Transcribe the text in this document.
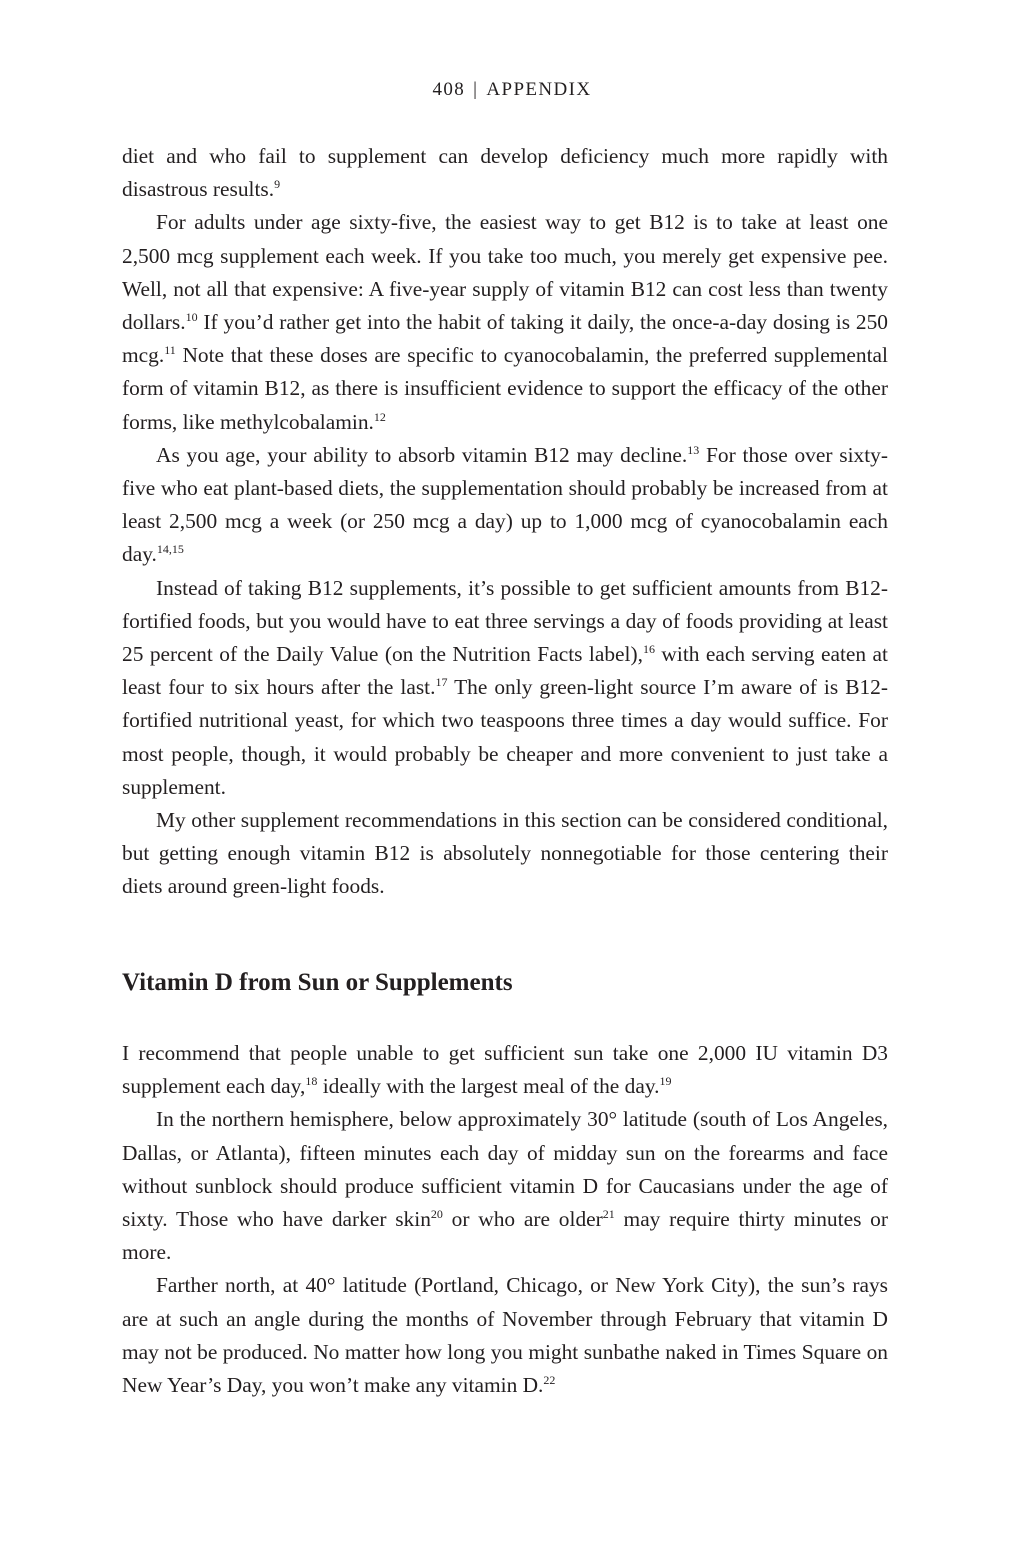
408 | APPENDIX

diet and who fail to supplement can develop deficiency much more rapidly with disastrous results.$^9$

For adults under age sixty-five, the easiest way to get B12 is to take at least one 2,500 mcg supplement each week. If you take too much, you merely get expensive pee. Well, not all that expensive: A five-year supply of vitamin B12 can cost less than twenty dollars.$^{10}$ If you’d rather get into the habit of taking it daily, the once-a-day dosing is 250 mcg.$^{11}$ Note that these doses are specific to cyanocobalamin, the preferred supplemental form of vitamin B12, as there is insufficient evidence to support the efficacy of the other forms, like methylcobalamin.$^{12}$

As you age, your ability to absorb vitamin B12 may decline.$^{13}$ For those over sixty-five who eat plant-based diets, the supplementation should probably be increased from at least 2,500 mcg a week (or 250 mcg a day) up to 1,000 mcg of cyanocobalamin each day.$^{14,15}$

Instead of taking B12 supplements, it’s possible to get sufficient amounts from B12-fortified foods, but you would have to eat three servings a day of foods providing at least 25 percent of the Daily Value (on the Nutrition Facts label),$^{16}$ with each serving eaten at least four to six hours after the last.$^{17}$ The only green-light source I’m aware of is B12-fortified nutritional yeast, for which two teaspoons three times a day would suffice. For most people, though, it would probably be cheaper and more convenient to just take a supplement.

My other supplement recommendations in this section can be considered conditional, but getting enough vitamin B12 is absolutely nonnegotiable for those centering their diets around green-light foods.

Vitamin D from Sun or Supplements

I recommend that people unable to get sufficient sun take one 2,000 IU vitamin D3 supplement each day,$^{18}$ ideally with the largest meal of the day.$^{19}$

In the northern hemisphere, below approximately 30° latitude (south of Los Angeles, Dallas, or Atlanta), fifteen minutes each day of midday sun on the forearms and face without sunblock should produce sufficient vitamin D for Caucasians under the age of sixty. Those who have darker skin$^{20}$ or who are older$^{21}$ may require thirty minutes or more.

Farther north, at 40° latitude (Portland, Chicago, or New York City), the sun’s rays are at such an angle during the months of November through February that vitamin D may not be produced. No matter how long you might sunbathe naked in Times Square on New Year’s Day, you won’t make any vitamin D.$^{22}$
